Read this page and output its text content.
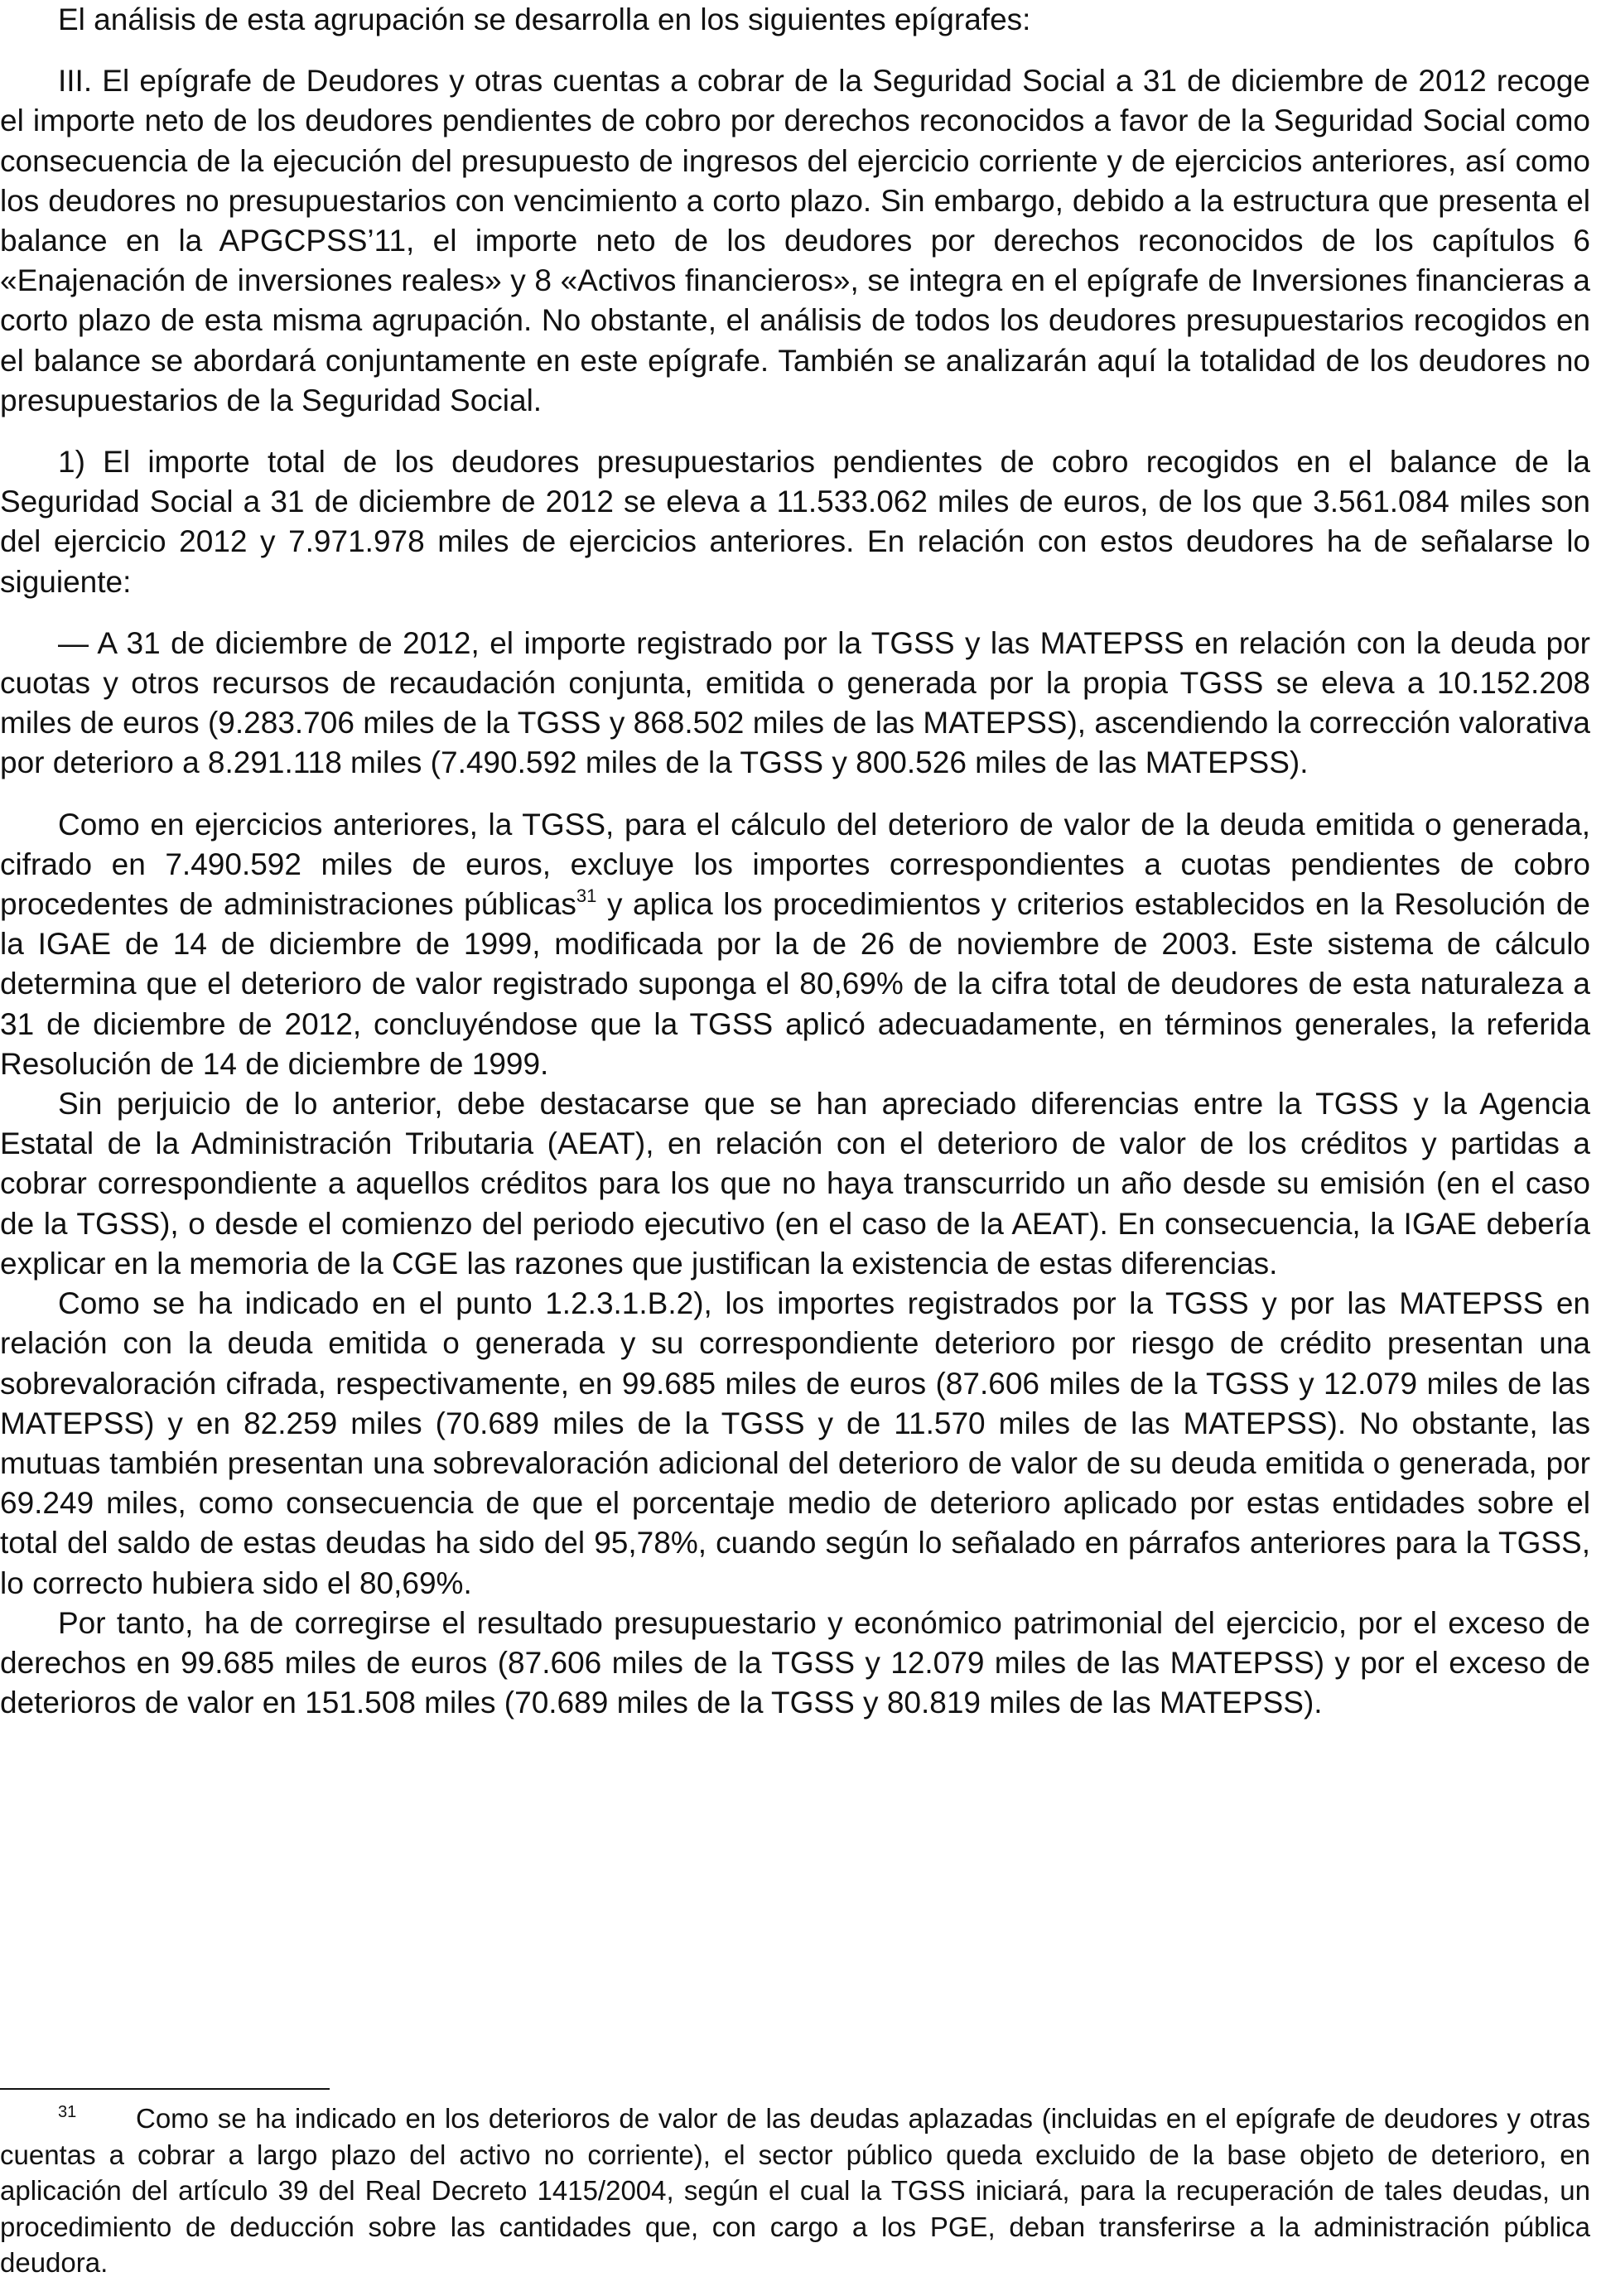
El análisis de esta agrupación se desarrolla en los siguientes epígrafes:

III. El epígrafe de Deudores y otras cuentas a cobrar de la Seguridad Social a 31 de diciembre de 2012 recoge el importe neto de los deudores pendientes de cobro por derechos reconocidos a favor de la Seguridad Social como consecuencia de la ejecución del presupuesto de ingresos del ejercicio corriente y de ejercicios anteriores, así como los deudores no presupuestarios con vencimiento a corto plazo. Sin embargo, debido a la estructura que presenta el balance en la APGCPSS’11, el importe neto de los deudores por derechos reconocidos de los capítulos 6 «Enajenación de inversiones reales» y 8 «Activos financieros», se integra en el epígrafe de Inversiones financieras a corto plazo de esta misma agrupación. No obstante, el análisis de todos los deudores presupuestarios recogidos en el balance se abordará conjuntamente en este epígrafe. También se analizarán aquí la totalidad de los deudores no presupuestarios de la Seguridad Social.

1) El importe total de los deudores presupuestarios pendientes de cobro recogidos en el balance de la Seguridad Social a 31 de diciembre de 2012 se eleva a 11.533.062 miles de euros, de los que 3.561.084 miles son del ejercicio 2012 y 7.971.978 miles de ejercicios anteriores. En relación con estos deudores ha de señalarse lo siguiente:

— A 31 de diciembre de 2012, el importe registrado por la TGSS y las MATEPSS en relación con la deuda por cuotas y otros recursos de recaudación conjunta, emitida o generada por la propia TGSS se eleva a 10.152.208 miles de euros (9.283.706 miles de la TGSS y 868.502 miles de las MATEPSS), ascendiendo la corrección valorativa por deterioro a 8.291.118 miles (7.490.592 miles de la TGSS y 800.526 miles de las MATEPSS).

Como en ejercicios anteriores, la TGSS, para el cálculo del deterioro de valor de la deuda emitida o generada, cifrado en 7.490.592 miles de euros, excluye los importes correspondientes a cuotas pendientes de cobro procedentes de administraciones públicas$^{31}$ y aplica los procedimientos y criterios establecidos en la Resolución de la IGAE de 14 de diciembre de 1999, modificada por la de 26 de noviembre de 2003. Este sistema de cálculo determina que el deterioro de valor registrado suponga el 80,69% de la cifra total de deudores de esta naturaleza a 31 de diciembre de 2012, concluyéndose que la TGSS aplicó adecuadamente, en términos generales, la referida Resolución de 14 de diciembre de 1999.

Sin perjuicio de lo anterior, debe destacarse que se han apreciado diferencias entre la TGSS y la Agencia Estatal de la Administración Tributaria (AEAT), en relación con el deterioro de valor de los créditos y partidas a cobrar correspondiente a aquellos créditos para los que no haya transcurrido un año desde su emisión (en el caso de la TGSS), o desde el comienzo del periodo ejecutivo (en el caso de la AEAT). En consecuencia, la IGAE debería explicar en la memoria de la CGE las razones que justifican la existencia de estas diferencias.

Como se ha indicado en el punto 1.2.3.1.B.2), los importes registrados por la TGSS y por las MATEPSS en relación con la deuda emitida o generada y su correspondiente deterioro por riesgo de crédito presentan una sobrevaloración cifrada, respectivamente, en 99.685 miles de euros (87.606 miles de la TGSS y 12.079 miles de las MATEPSS) y en 82.259 miles (70.689 miles de la TGSS y de 11.570 miles de las MATEPSS). No obstante, las mutuas también presentan una sobrevaloración adicional del deterioro de valor de su deuda emitida o generada, por 69.249 miles, como consecuencia de que el porcentaje medio de deterioro aplicado por estas entidades sobre el total del saldo de estas deudas ha sido del 95,78%, cuando según lo señalado en párrafos anteriores para la TGSS, lo correcto hubiera sido el 80,69%.

Por tanto, ha de corregirse el resultado presupuestario y económico patrimonial del ejercicio, por el exceso de derechos en 99.685 miles de euros (87.606 miles de la TGSS y 12.079 miles de las MATEPSS) y por el exceso de deterioros de valor en 151.508 miles (70.689 miles de la TGSS y 80.819 miles de las MATEPSS).

31 Como se ha indicado en los deterioros de valor de las deudas aplazadas (incluidas en el epígrafe de deudores y otras cuentas a cobrar a largo plazo del activo no corriente), el sector público queda excluido de la base objeto de deterioro, en aplicación del artículo 39 del Real Decreto 1415/2004, según el cual la TGSS iniciará, para la recuperación de tales deudas, un procedimiento de deducción sobre las cantidades que, con cargo a los PGE, deban transferirse a la administración pública deudora.
